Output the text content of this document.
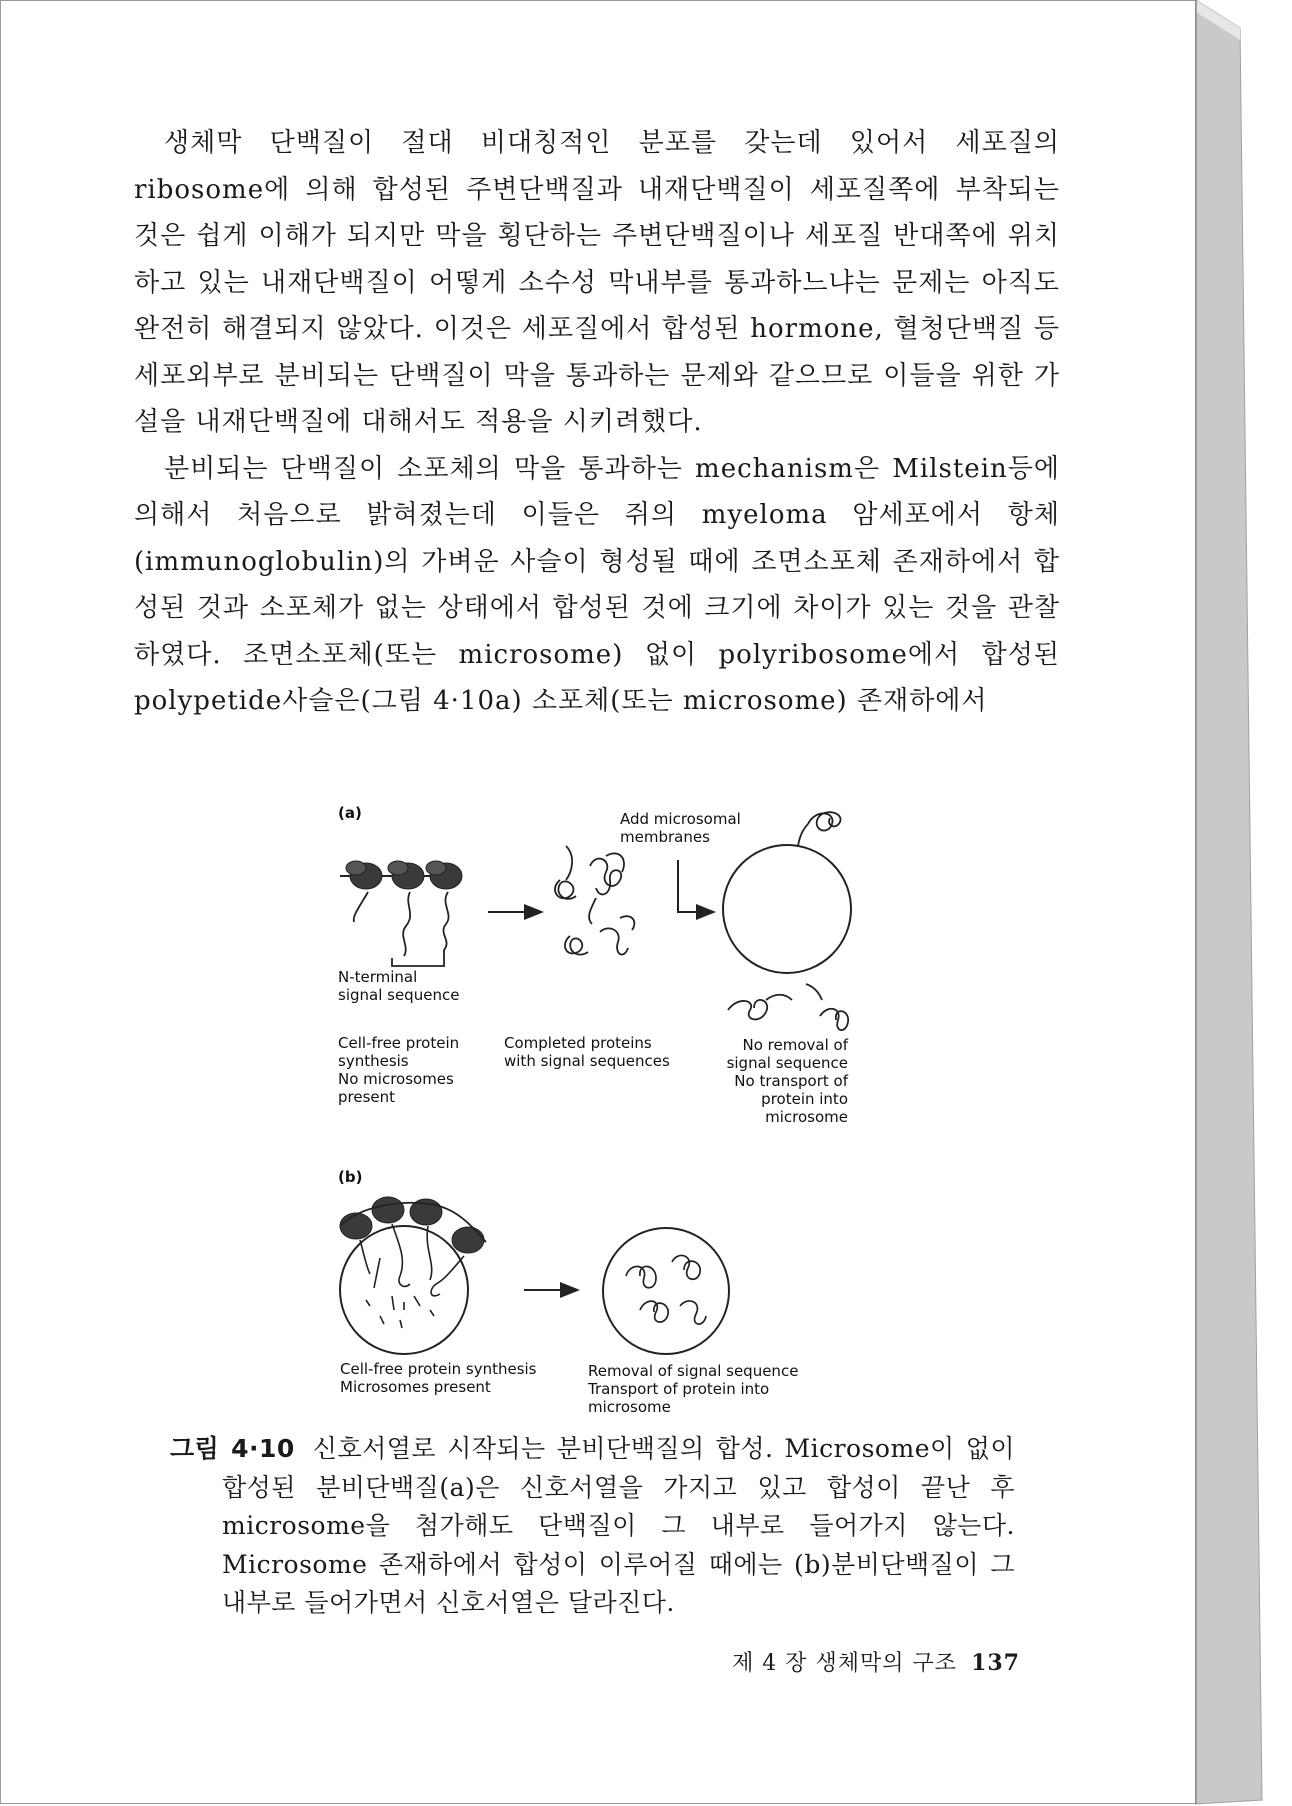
생체막 단백질이 절대 비대칭적인 분포를 갖는데 있어서 세포질의 ribosome에 의해 합성된 주변단백질과 내재단백질이 세포질쪽에 부착되는 것은 쉽게 이해가 되지만 막을 횡단하는 주변단백질이나 세포질 반대쪽에 위치하고 있는 내재단백질이 어떻게 소수성 막내부를 통과하느냐는 문제는 아직도 완전히 해결되지 않았다. 이것은 세포질에서 합성된 hormone, 혈청단백질 등 세포외부로 분비되는 단백질이 막을 통과하는 문제와 같으므로 이들을 위한 가설을 내재단백질에 대해서도 적용을 시키려했다.

분비되는 단백질이 소포체의 막을 통과하는 mechanism은 Milstein등에 의해서 처음으로 밝혀졌는데 이들은 쥐의 myeloma 암세포에서 항체(immunoglobulin)의 가벼운 사슬이 형성될 때에 조면소포체 존재하에서 합성된 것과 소포체가 없는 상태에서 합성된 것에 크기에 차이가 있는 것을 관찰하였다. 조면소포체(또는 microsome) 없이 polyribosome에서 합성된 polypetide사슬은(그림 4·10a) 소포체(또는 microsome) 존재하에서

(a)	Add microsomal
membranes
N-terminal
signal sequence
Cell-free protein
synthesis
No microsomes
present
Completed proteins
with signal sequences
No removal of
signal sequence
No transport of
protein into
microsome
(b)
Cell-free protein synthesis
Microsomes present
Removal of signal sequence
Transport of protein into
microsome
그림 4·10 신호서열로 시작되는 분비단백질의 합성. Microsome이 없이 합성된 분비단백질(a)은 신호서열을 가지고 있고 합성이 끝난 후 microsome을 첨가해도 단백질이 그 내부로 들어가지 않는다. Microsome 존재하에서 합성이 이루어질 때에는 (b)분비단백질이 그 내부로 들어가면서 신호서열은 달라진다.
제 4 장 생체막의 구조 137
